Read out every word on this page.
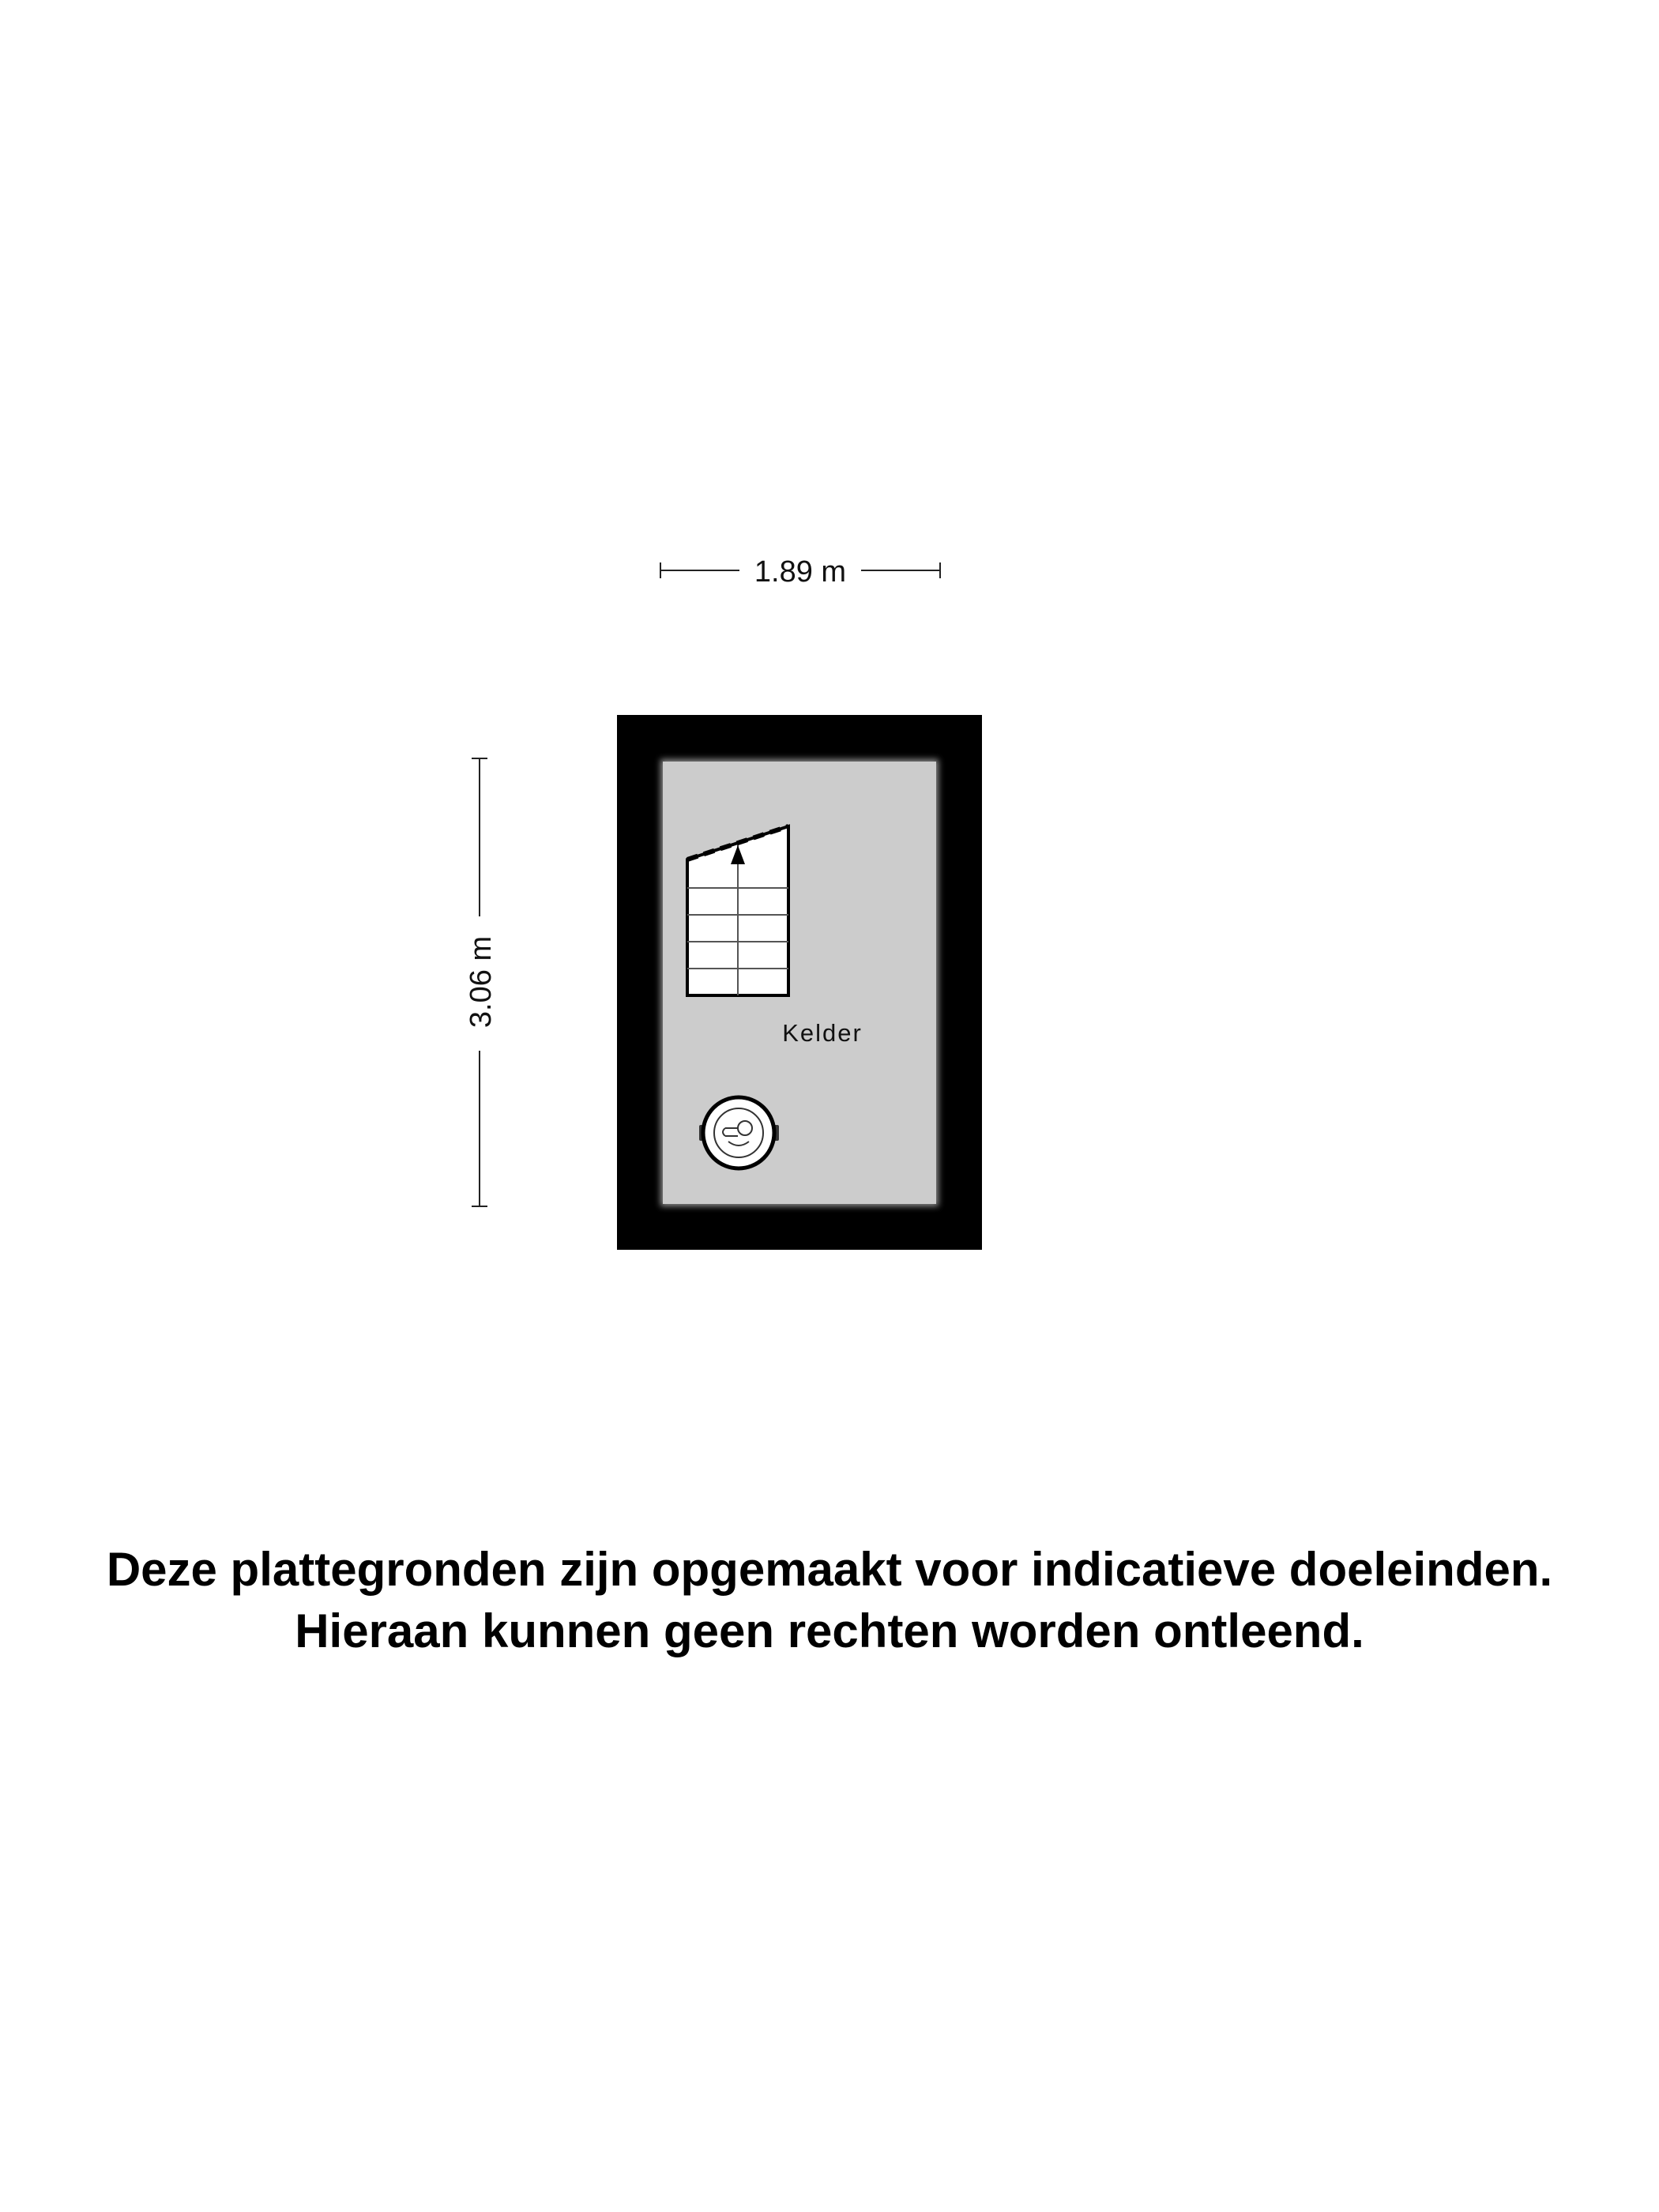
1.89 m
3.06 m
Kelder
Deze plattegronden zijn opgemaakt voor indicatieve doeleinden.
Hieraan kunnen geen rechten worden ontleend.
